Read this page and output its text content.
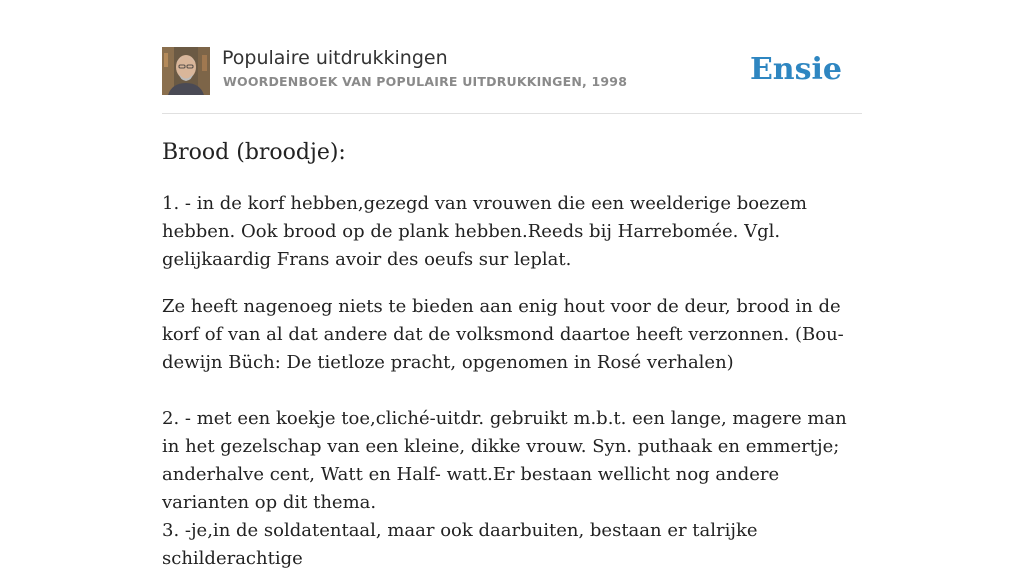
Populaire uitdrukkingen
WOORDENBOEK VAN POPULAIRE UITDRUKKINGEN, 1998	Ensie
Brood (broodje):

1. - in de korf hebben,gezegd van vrouwen die een weelderige boezem hebben. Ook brood op de plank hebben.Reeds bij Harrebomée. Vgl. gelijkaardig Frans avoir des oeufs sur leplat.

Ze heeft nagenoeg niets te bieden aan enig hout voor de deur, brood in de korf of van al dat andere dat de volksmond daartoe heeft verzonnen. (Bou- dewijn Büch: De tietloze pracht, opgenomen in Rosé verhalen)

2. - met een koekje toe,cliché-uitdr. gebruikt m.b.t. een lange, magere man in het gezelschap van een kleine, dikke vrouw. Syn. puthaak en emmertje; anderhalve cent, Watt en Half- watt.Er bestaan wellicht nog andere varianten op dit thema.

3. -je,in de soldatentaal, maar ook daarbuiten, bestaan er talrijke schilderachtige
